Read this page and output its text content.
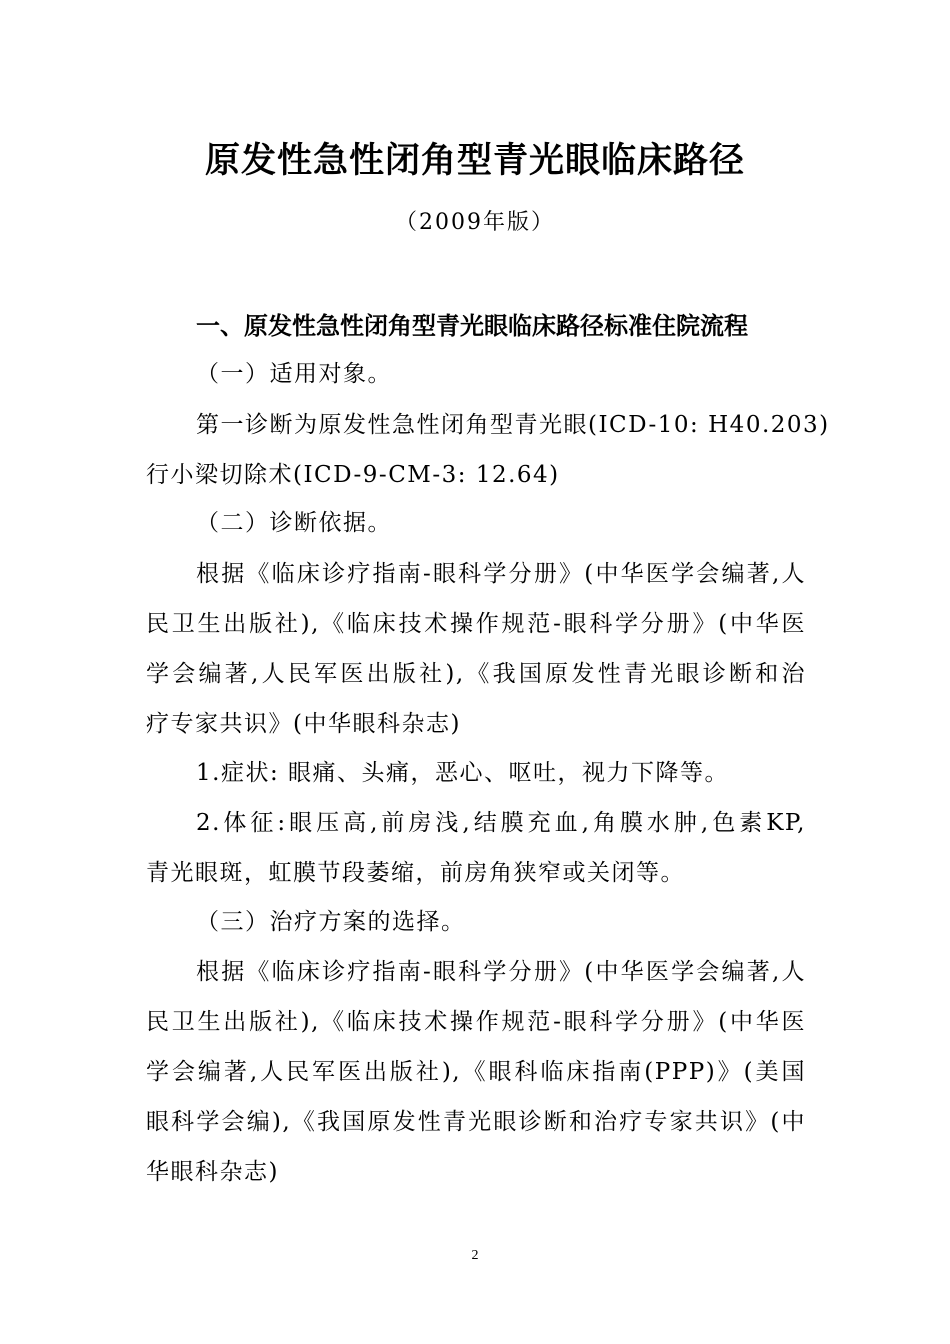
原发性急性闭角型青光眼临床路径
（2009年版）
一、原发性急性闭角型青光眼临床路径标准住院流程
（一）适用对象。
第一诊断为原发性急性闭角型青光眼(ICD-10: H40.203)
行小梁切除术(ICD-9-CM-3: 12.64)
（二）诊断依据。
根据《临床诊疗指南-眼科学分册》(中华医学会编著,人
民卫生出版社),《临床技术操作规范-眼科学分册》(中华医
学会编著,人民军医出版社),《我国原发性青光眼诊断和治
疗专家共识》(中华眼科杂志)
1.症状: 眼痛、头痛，恶心、呕吐，视力下降等。
2.体征:眼压高,前房浅,结膜充血,角膜水肿,色素KP,
青光眼斑，虹膜节段萎缩，前房角狭窄或关闭等。
（三）治疗方案的选择。
根据《临床诊疗指南-眼科学分册》(中华医学会编著,人
民卫生出版社),《临床技术操作规范-眼科学分册》(中华医
学会编著,人民军医出版社),《眼科临床指南(PPP)》(美国
眼科学会编),《我国原发性青光眼诊断和治疗专家共识》(中
华眼科杂志)
2
